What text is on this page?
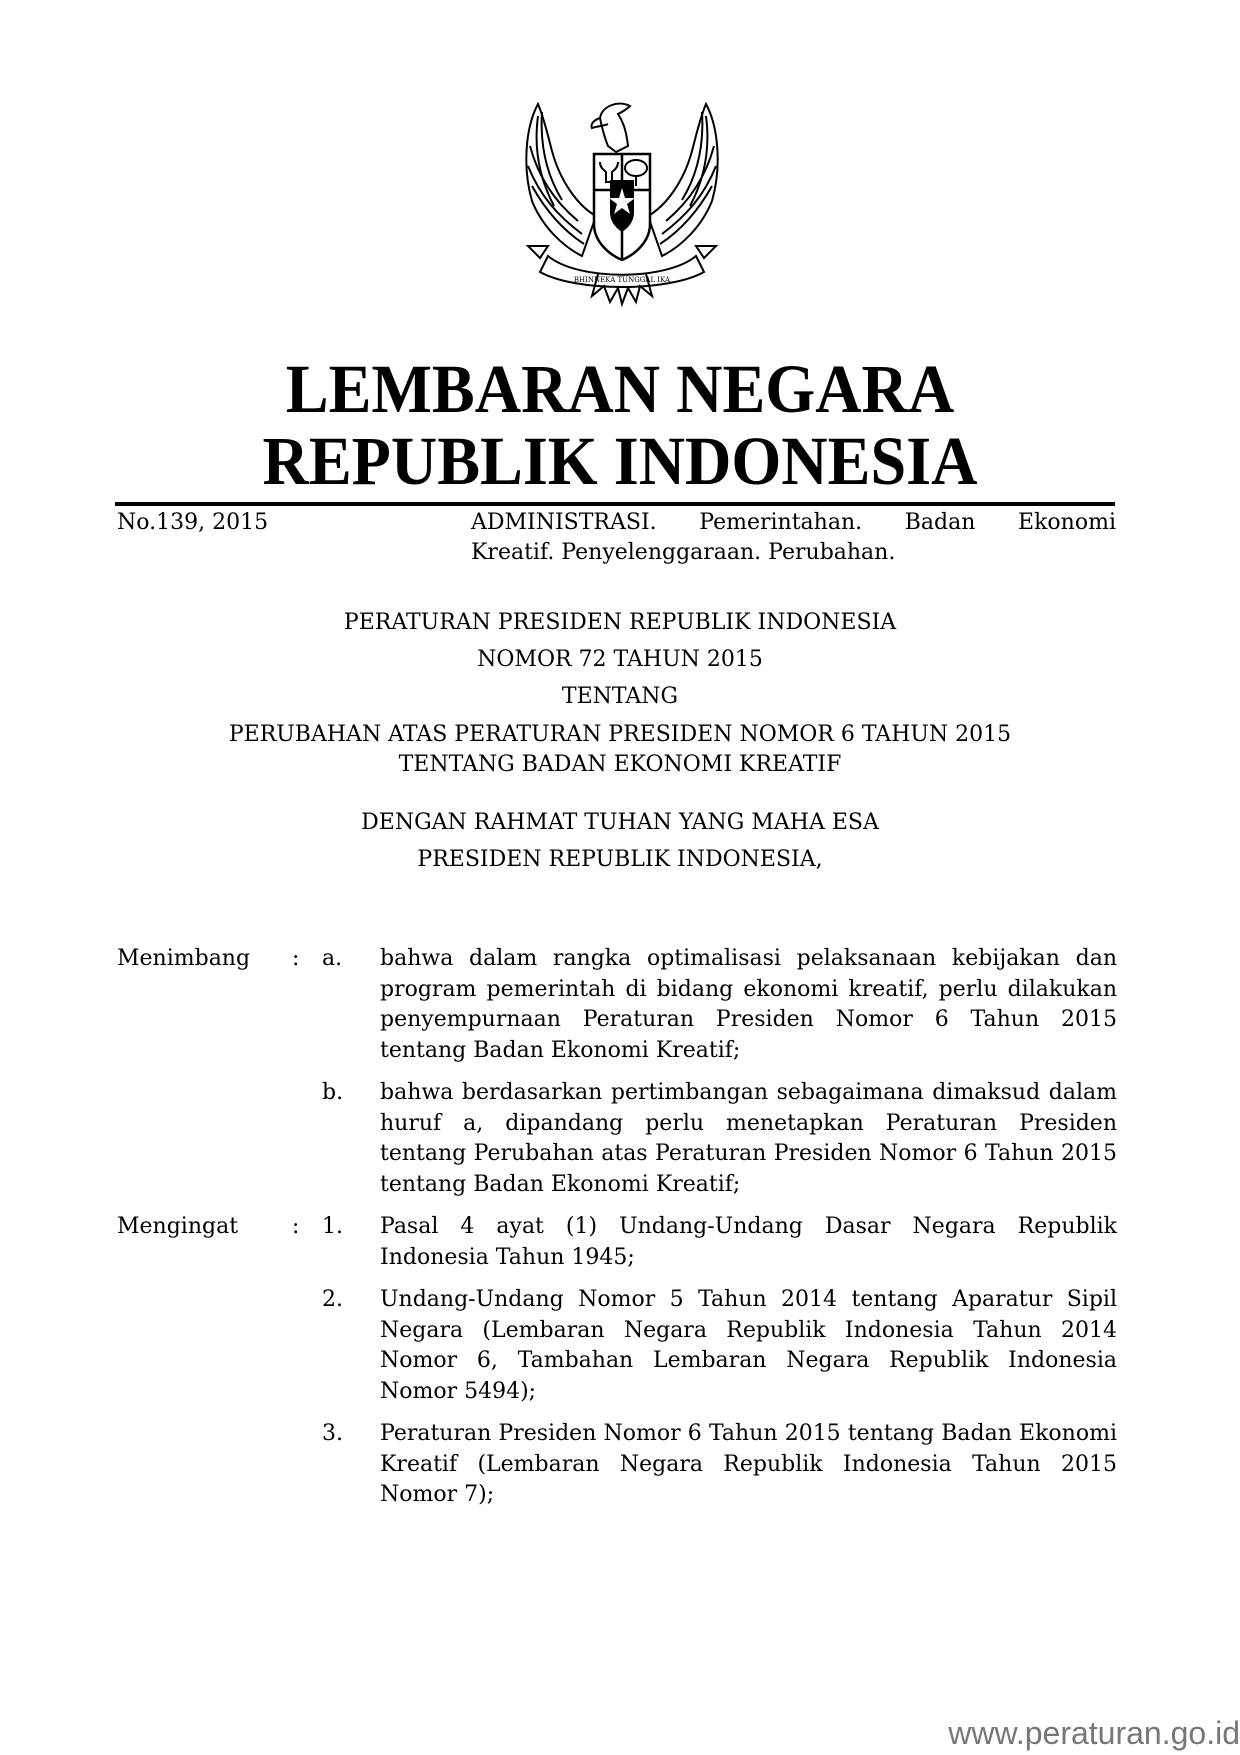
BHINNEKA TUNGGAL IKA
LEMBARAN NEGARA
REPUBLIK INDONESIA
No.139, 2015	ADMINISTRASI. Pemerintahan. Badan Ekonomi
Kreatif. Penyelenggaraan. Perubahan.
PERATURAN PRESIDEN REPUBLIK INDONESIA
NOMOR 72 TAHUN 2015
TENTANG
PERUBAHAN ATAS PERATURAN PRESIDEN NOMOR 6 TAHUN 2015
TENTANG BADAN EKONOMI KREATIF
DENGAN RAHMAT TUHAN YANG MAHA ESA
PRESIDEN REPUBLIK INDONESIA,
Menimbang	: a. bahwa dalam rangka optimalisasi pelaksanaan kebijakan dan program pemerintah di bidang ekonomi kreatif, perlu dilakukan penyempurnaan Peraturan Presiden Nomor 6 Tahun 2015 tentang Badan Ekonomi Kreatif;
b. bahwa berdasarkan pertimbangan sebagaimana dimaksud dalam huruf a, dipandang perlu menetapkan Peraturan Presiden tentang Perubahan atas Peraturan Presiden Nomor 6 Tahun 2015 tentang Badan Ekonomi Kreatif;
Mengingat	: 1. Pasal 4 ayat (1) Undang-Undang Dasar Negara Republik Indonesia Tahun 1945;
2. Undang-Undang Nomor 5 Tahun 2014 tentang Aparatur Sipil Negara (Lembaran Negara Republik Indonesia Tahun 2014 Nomor 6, Tambahan Lembaran Negara Republik Indonesia Nomor 5494);
3. Peraturan Presiden Nomor 6 Tahun 2015 tentang Badan Ekonomi Kreatif (Lembaran Negara Republik Indonesia Tahun 2015 Nomor 7);
www.peraturan.go.id
